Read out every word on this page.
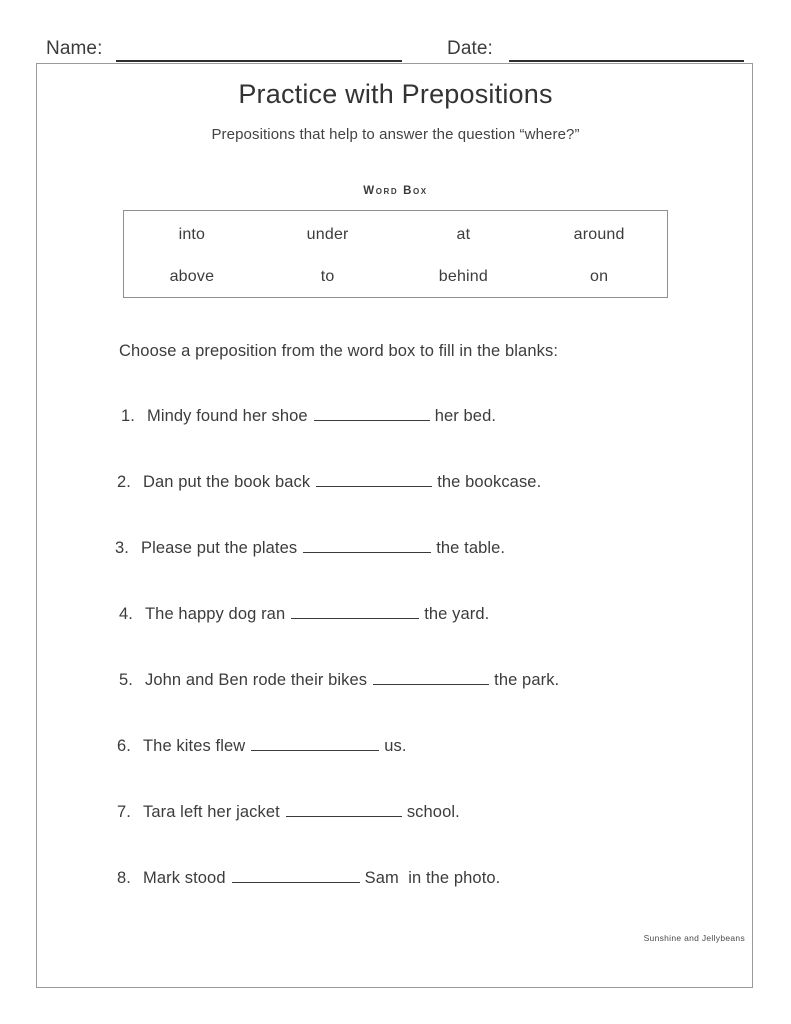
Name:	Date:
Practice with Prepositions
Prepositions that help to answer the question “where?”
Word Box
into	under	at	around
above	to	behind	on
Choose a preposition from the word box to fill in the blanks:
1. Mindy found her shoe	her bed.
2. Dan put the book back	the bookcase.
3. Please put the plates	the table.
4. The happy dog ran	the yard.
5. John and Ben rode their bikes	the park.
6. The kites flew	us.
7. Tara left her jacket	school.
8. Mark stood	Sam  in the photo.
Sunshine and Jellybeans
